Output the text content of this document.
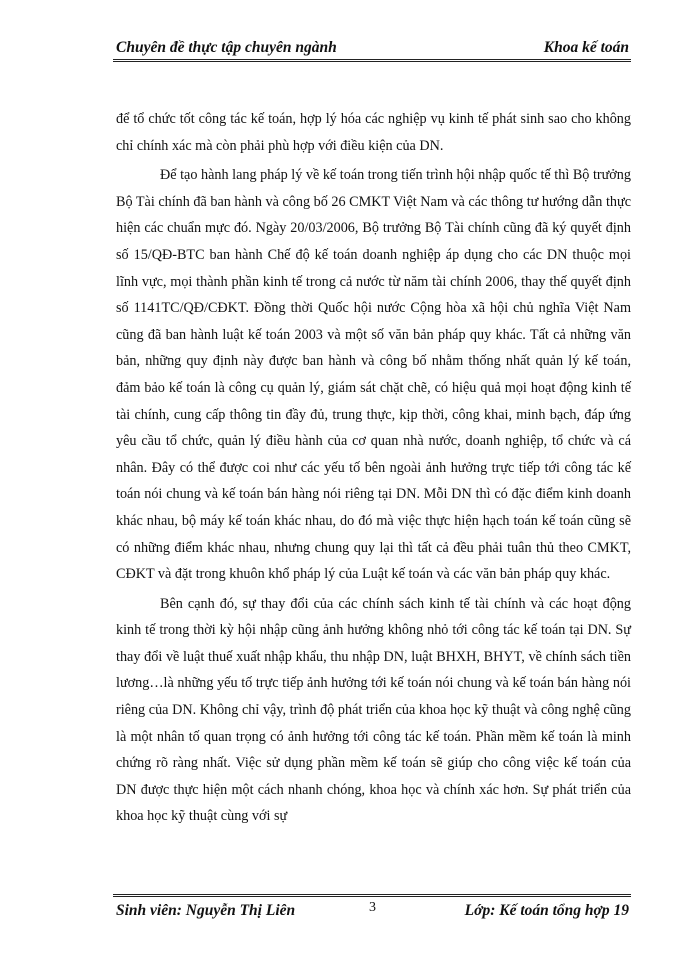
Chuyên đề thực tập chuyên ngành	Khoa kế toán

để tổ chức tốt công tác kế toán, hợp lý hóa các nghiệp vụ kinh tế phát sinh sao cho không chỉ chính xác mà còn phải phù hợp với điều kiện của DN.

Để tạo hành lang pháp lý về kế toán trong tiến trình hội nhập quốc tế thì Bộ trưởng Bộ Tài chính đã ban hành và công bố 26 CMKT Việt Nam và các thông tư hướng dẫn thực hiện các chuẩn mực đó. Ngày 20/03/2006, Bộ trưởng Bộ Tài chính cũng đã ký quyết định số 15/QĐ-BTC ban hành Chế độ kế toán doanh nghiệp áp dụng cho các DN thuộc mọi lĩnh vực, mọi thành phần kinh tế trong cả nước từ năm tài chính 2006, thay thế quyết định số 1141TC/QĐ/CĐKT. Đồng thời Quốc hội nước Cộng hòa xã hội chủ nghĩa Việt Nam cũng đã ban hành luật kế toán 2003 và một số văn bản pháp quy khác. Tất cả những văn bản, những quy định này được ban hành và công bố nhằm thống nhất quản lý kế toán, đảm bảo kế toán là công cụ quản lý, giám sát chặt chẽ, có hiệu quả mọi hoạt động kinh tế tài chính, cung cấp thông tin đầy đủ, trung thực, kịp thời, công khai, minh bạch, đáp ứng yêu cầu tổ chức, quản lý điều hành của cơ quan nhà nước, doanh nghiệp, tổ chức và cá nhân. Đây có thể được coi như các yếu tố bên ngoài ảnh hưởng trực tiếp tới công tác kế toán nói chung và kế toán bán hàng nói riêng tại DN. Mỗi DN thì có đặc điểm kinh doanh khác nhau, bộ máy kế toán khác nhau, do đó mà việc thực hiện hạch toán kế toán cũng sẽ có những điểm khác nhau, nhưng chung quy lại thì tất cả đều phải tuân thủ theo CMKT, CĐKT và đặt trong khuôn khổ pháp lý của Luật kế toán và các văn bản pháp quy khác.

Bên cạnh đó, sự thay đổi của các chính sách kinh tế tài chính và các hoạt động kinh tế trong thời kỳ hội nhập cũng ảnh hưởng không nhỏ tới công tác kế toán tại DN. Sự thay đổi về luật thuế xuất nhập khẩu, thu nhập DN, luật BHXH, BHYT, về chính sách tiền lương…là những yếu tố trực tiếp ảnh hưởng tới kế toán nói chung và kế toán bán hàng nói riêng của DN. Không chỉ vậy, trình độ phát triển của khoa học kỹ thuật và công nghệ cũng là một nhân tố quan trọng có ảnh hưởng tới công tác kế toán. Phần mềm kế toán là minh chứng rõ ràng nhất. Việc sử dụng phần mềm kế toán sẽ giúp cho công việc kế toán của DN được thực hiện một cách nhanh chóng, khoa học và chính xác hơn. Sự phát triển của khoa học kỹ thuật cùng với sự

Sinh viên: Nguyễn Thị Liên	3	Lớp: Kế toán tổng hợp 19
